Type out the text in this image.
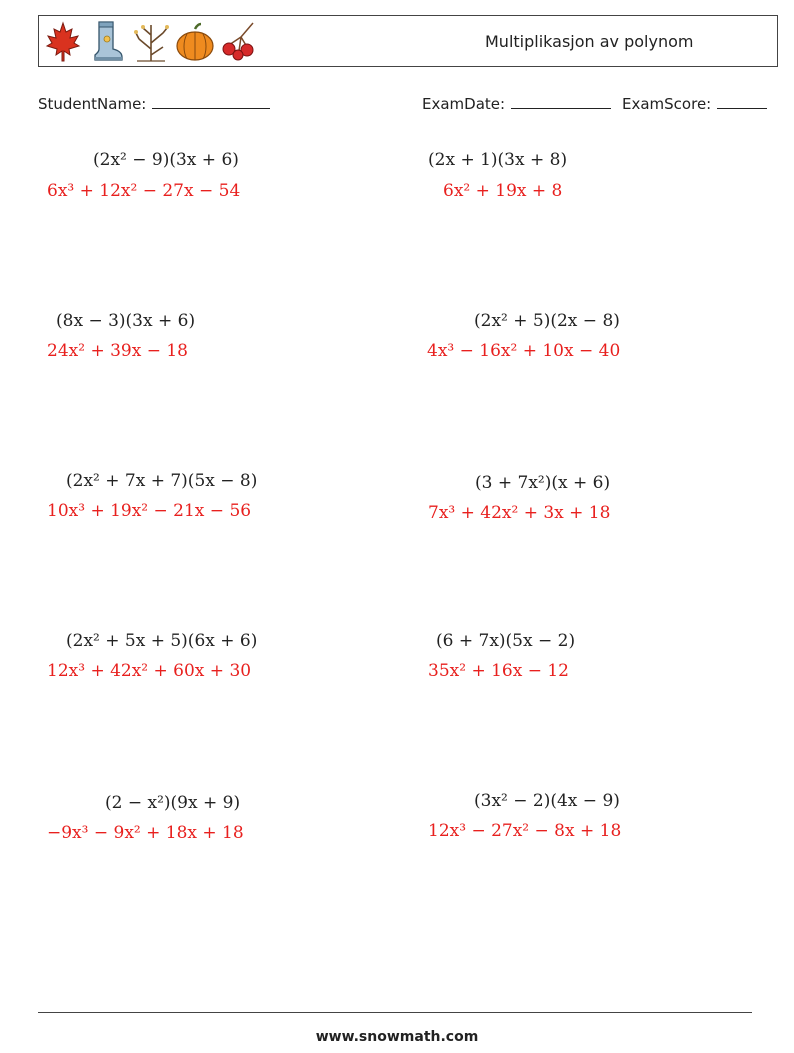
Multiplikasjon av polynom
StudentName:	ExamDate:	ExamScore:
(2x² − 9)(3x + 6)
6x³ + 12x² − 27x − 54
(8x − 3)(3x + 6)
24x² + 39x − 18
(2x² + 7x + 7)(5x − 8)
10x³ + 19x² − 21x − 56
(2x² + 5x + 5)(6x + 6)
12x³ + 42x² + 60x + 30
(2 − x²)(9x + 9)
−9x³ − 9x² + 18x + 18
(2x + 1)(3x + 8)
6x² + 19x + 8
(2x² + 5)(2x − 8)
4x³ − 16x² + 10x − 40
(3 + 7x²)(x + 6)
7x³ + 42x² + 3x + 18
(6 + 7x)(5x − 2)
35x² + 16x − 12
(3x² − 2)(4x − 9)
12x³ − 27x² − 8x + 18
www.snowmath.com
